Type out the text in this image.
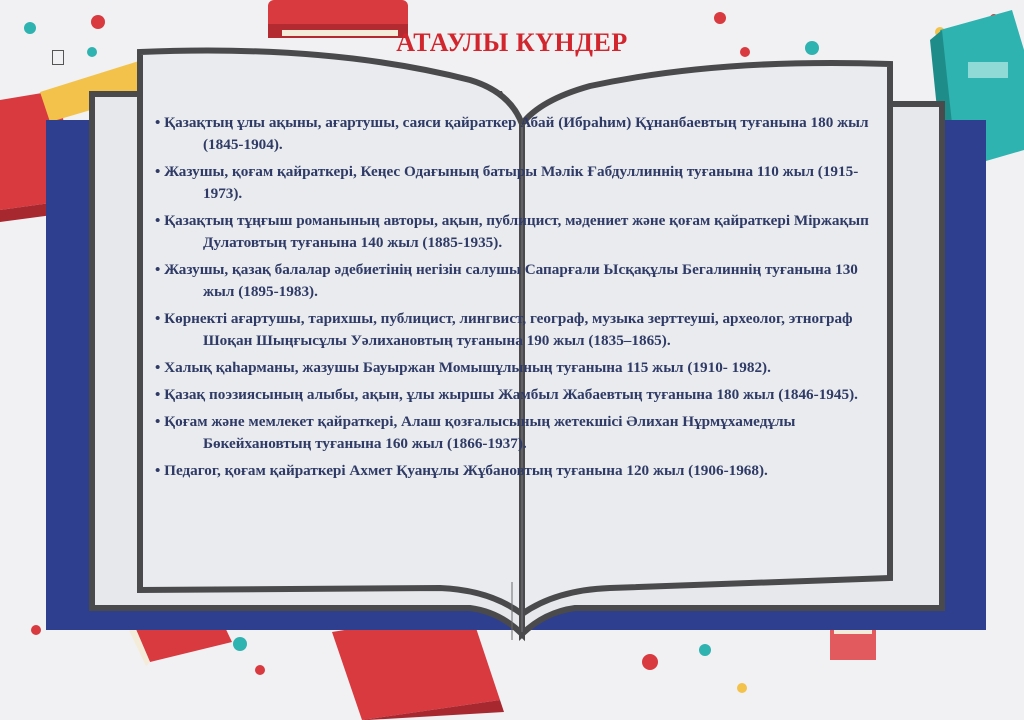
АТАУЛЫ КҮНДЕР
• Қазақтың ұлы ақыны, ағартушы, саяси қайраткер Абай (Ибраһим) Құнанбаевтың туғанына 180 жыл (1845-1904).
• Жазушы, қоғам қайраткері, Кеңес Одағының батыры Мәлік Ғабдуллиннің туғанына 110 жыл (1915-1973).
• Қазақтың тұңғыш романының авторы, ақын, публицист, мәдениет және қоғам қайраткері Міржақып Дулатовтың туғанына 140 жыл (1885-1935).
• Жазушы, қазақ балалар әдебиетінің негізін салушы Сапарғали Ысқақұлы Бегалиннің туғанына 130 жыл (1895-1983).
• Көрнекті ағартушы, тарихшы, публицист, лингвист, географ, музыка зерттеуші, археолог, этнограф Шоқан Шыңғысұлы Уәлихановтың туғанына 190 жыл (1835–1865).
• Халық қаһарманы, жазушы Бауыржан Момышұлының туғанына 115 жыл (1910- 1982).
• Қазақ поэзиясының алыбы, ақын, ұлы жыршы Жамбыл Жабаевтың туғанына 180 жыл (1846-1945).
• Қоғам және мемлекет қайраткері, Алаш қозғалысының жетекшісі Әлихан Нұрмұхамедұлы Бөкейхановтың туғанына 160 жыл (1866-1937).
• Педагог, қоғам қайраткері Ахмет Қуанұлы Жұбановтың туғанына 120 жыл (1906-1968).
